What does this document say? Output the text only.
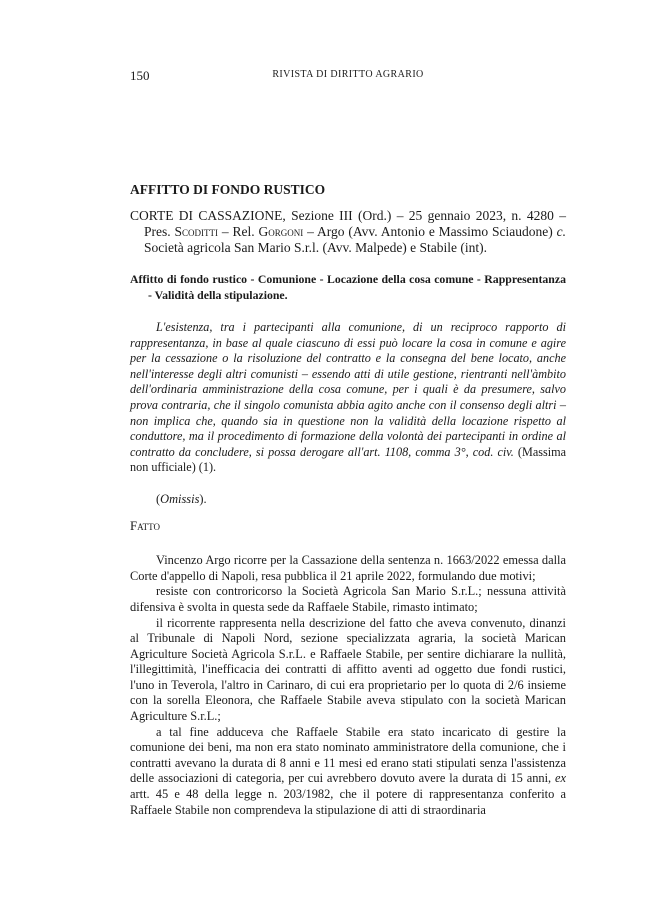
150	RIVISTA DI DIRITTO AGRARIO
AFFITTO DI FONDO RUSTICO
CORTE DI CASSAZIONE, Sezione III (Ord.) – 25 gennaio 2023, n. 4280 – Pres. Scoditti – Rel. Gorgoni – Argo (Avv. Antonio e Massimo Sciaudone) c. Società agricola San Mario S.r.l. (Avv. Malpede) e Stabile (int).
Affitto di fondo rustico - Comunione - Locazione della cosa comune - Rappresentanza - Validità della stipulazione.
L'esistenza, tra i partecipanti alla comunione, di un reciproco rapporto di rappresentanza, in base al quale ciascuno di essi può locare la cosa in comune e agire per la cessazione o la risoluzione del contratto e la consegna del bene locato, anche nell'interesse degli altri comunisti – essendo atti di utile gestione, rientranti nell'àmbito dell'ordinaria amministrazione della cosa comune, per i quali è da presumere, salvo prova contraria, che il singolo comunista abbia agito anche con il consenso degli altri – non implica che, quando sia in questione non la validità della locazione rispetto al conduttore, ma il procedimento di formazione della volontà dei partecipanti in ordine al contratto da concludere, si possa derogare all'art. 1108, comma 3°, cod. civ. (Massima non ufficiale) (1).
(Omissis).
Fatto

Vincenzo Argo ricorre per la Cassazione della sentenza n. 1663/2022 emessa dalla Corte d'appello di Napoli, resa pubblica il 21 aprile 2022, formulando due motivi;

resiste con controricorso la Società Agricola San Mario S.r.L.; nessuna attività difensiva è svolta in questa sede da Raffaele Stabile, rimasto intimato;

il ricorrente rappresenta nella descrizione del fatto che aveva convenuto, dinanzi al Tribunale di Napoli Nord, sezione specializzata agraria, la società Marican Agriculture Società Agricola S.r.L. e Raffaele Stabile, per sentire dichiarare la nullità, l'illegittimità, l'inefficacia dei contratti di affitto aventi ad oggetto due fondi rustici, l'uno in Teverola, l'altro in Carinaro, di cui era proprietario per lo quota di 2/6 insieme con la sorella Eleonora, che Raffaele Stabile aveva stipulato con la società Marican Agriculture S.r.L.;

a tal fine adduceva che Raffaele Stabile era stato incaricato di gestire la comunione dei beni, ma non era stato nominato amministratore della comunione, che i contratti avevano la durata di 8 anni e 11 mesi ed erano stati stipulati senza l'assistenza delle associazioni di categoria, per cui avrebbero dovuto avere la durata di 15 anni, ex artt. 45 e 48 della legge n. 203/1982, che il potere di rappresentanza conferito a Raffaele Stabile non comprendeva la stipulazione di atti di straordinaria
